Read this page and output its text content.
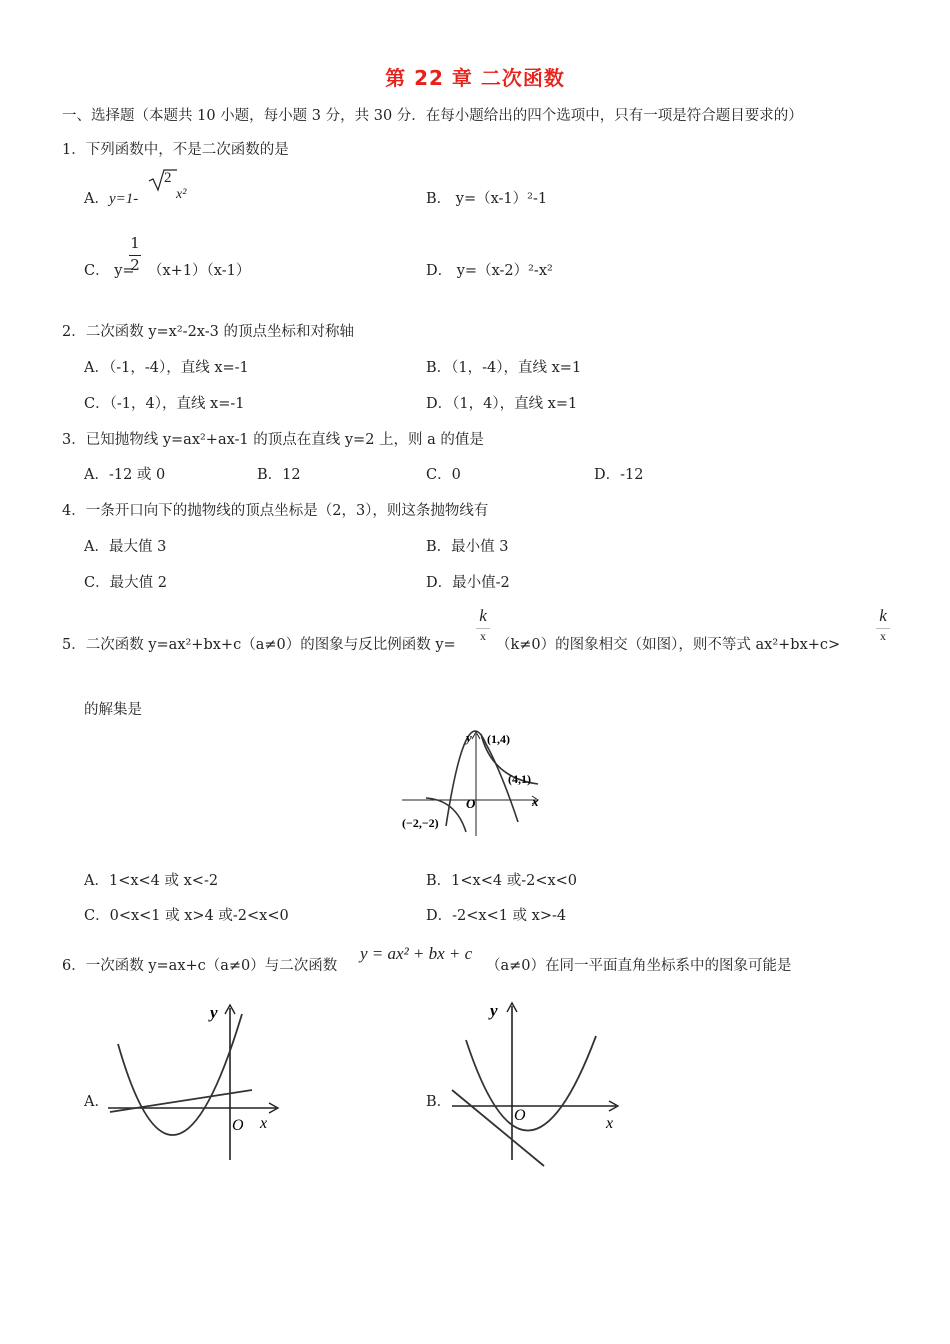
第 22 章 二次函数
一、选择题（本题共 10 小题，每小题 3 分，共 30 分．在每小题给出的四个选项中，只有一项是符合题目要求的）
1．下列函数中，不是二次函数的是
A．y=1-
2
x²	B． y=（x-1）²-1
C． y=
$\frac{1}{2} (x+1)(x-1)$	D． y=（x-2）²-x²
2．二次函数 y=x²-2x-3 的顶点坐标和对称轴
A．（-1，-4），直线 x=-1	B．（1，-4），直线 x=1
C．（-1，4），直线 x=-1	D．（1，4），直线 x=1
3．已知抛物线 y=ax²+ax-1 的顶点在直线 y=2 上，则 a 的值是
A．-12 或 0	B．12	C．0	D．-12
4．一条开口向下的抛物线的顶点坐标是（2，3），则这条抛物线有
A．最大值 3	B．最小值 3
C．最大值 2	D．最小值-2
5．二次函数 y=ax²+bx+c（a≠0）的图象与反比例函数 y=
k
x
（k≠0）的图象相交（如图），则不等式 ax²+bx+c>
k
x
的解集是
y
O	x
(1,4)
(4,1)
(−2,−2)
A．1<x<4 或 x<-2	B．1<x<4 或-2<x<0
C．0<x<1 或 x>4 或-2<x<0	D．-2<x<1 或 x>-4
6．一次函数 y=ax+c（a≠0）与二次函数
y = ax² + bx + c
（a≠0）在同一平面直角坐标系中的图象可能是
A．
y
O x
B．
y
O	x
